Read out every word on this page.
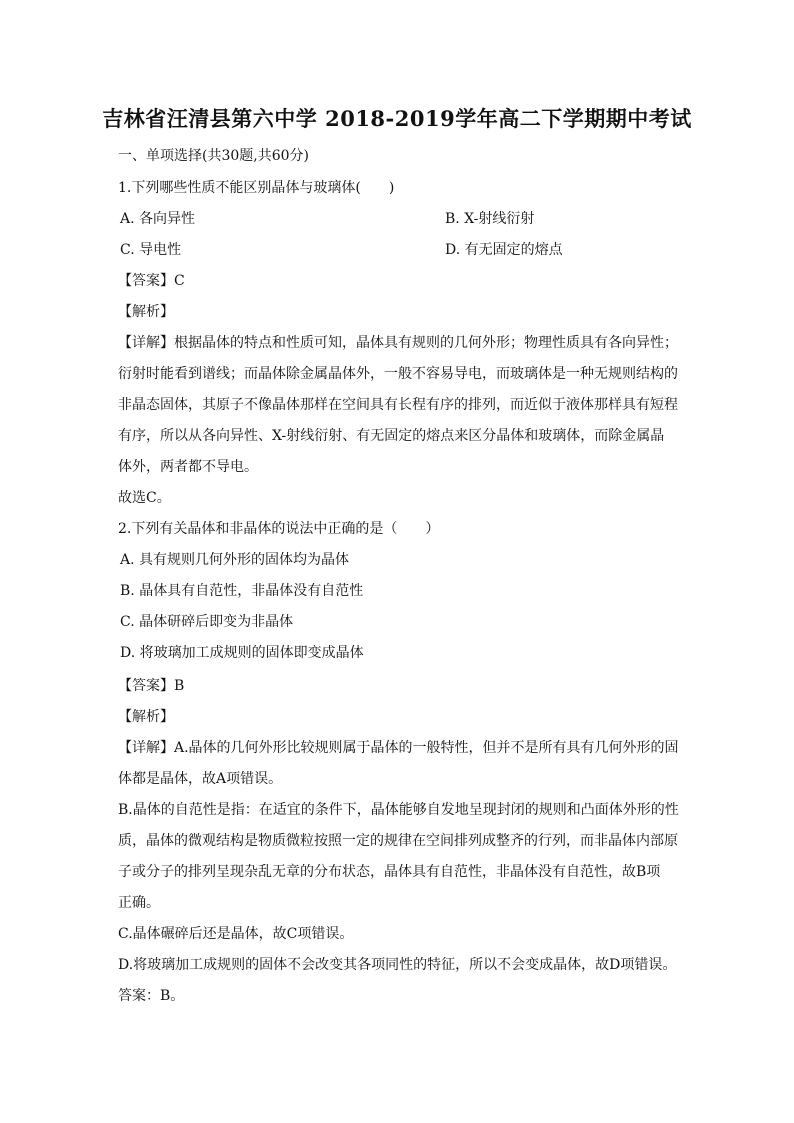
吉林省汪清县第六中学 2018-2019学年高二下学期期中考试
一、单项选择(共30题,共60分)
1.下列哪些性质不能区别晶体与玻璃体(　　)
A. 各向异性	B. X-射线衍射
C. 导电性	D. 有无固定的熔点
【答案】C
【解析】
【详解】根据晶体的特点和性质可知，晶体具有规则的几何外形；物理性质具有各向异性；
衍射时能看到谱线；而晶体除金属晶体外，一般不容易导电，而玻璃体是一种无规则结构的
非晶态固体，其原子不像晶体那样在空间具有长程有序的排列，而近似于液体那样具有短程
有序，所以从各向异性、X-射线衍射、有无固定的熔点来区分晶体和玻璃体，而除金属晶
体外，两者都不导电。
故选C。
2.下列有关晶体和非晶体的说法中正确的是（　　）
A. 具有规则几何外形的固体均为晶体
B. 晶体具有自范性，非晶体没有自范性
C. 晶体研碎后即变为非晶体
D. 将玻璃加工成规则的固体即变成晶体
【答案】B
【解析】
【详解】A.晶体的几何外形比较规则属于晶体的一般特性，但并不是所有具有几何外形的固
体都是晶体，故A项错误。
B.晶体的自范性是指：在适宜的条件下，晶体能够自发地呈现封闭的规则和凸面体外形的性
质，晶体的微观结构是物质微粒按照一定的规律在空间排列成整齐的行列，而非晶体内部原
子或分子的排列呈现杂乱无章的分布状态，晶体具有自范性，非晶体没有自范性，故B项
正确。
C.晶体碾碎后还是晶体，故C项错误。
D.将玻璃加工成规则的固体不会改变其各项同性的特征，所以不会变成晶体，故D项错误。
答案：B。
